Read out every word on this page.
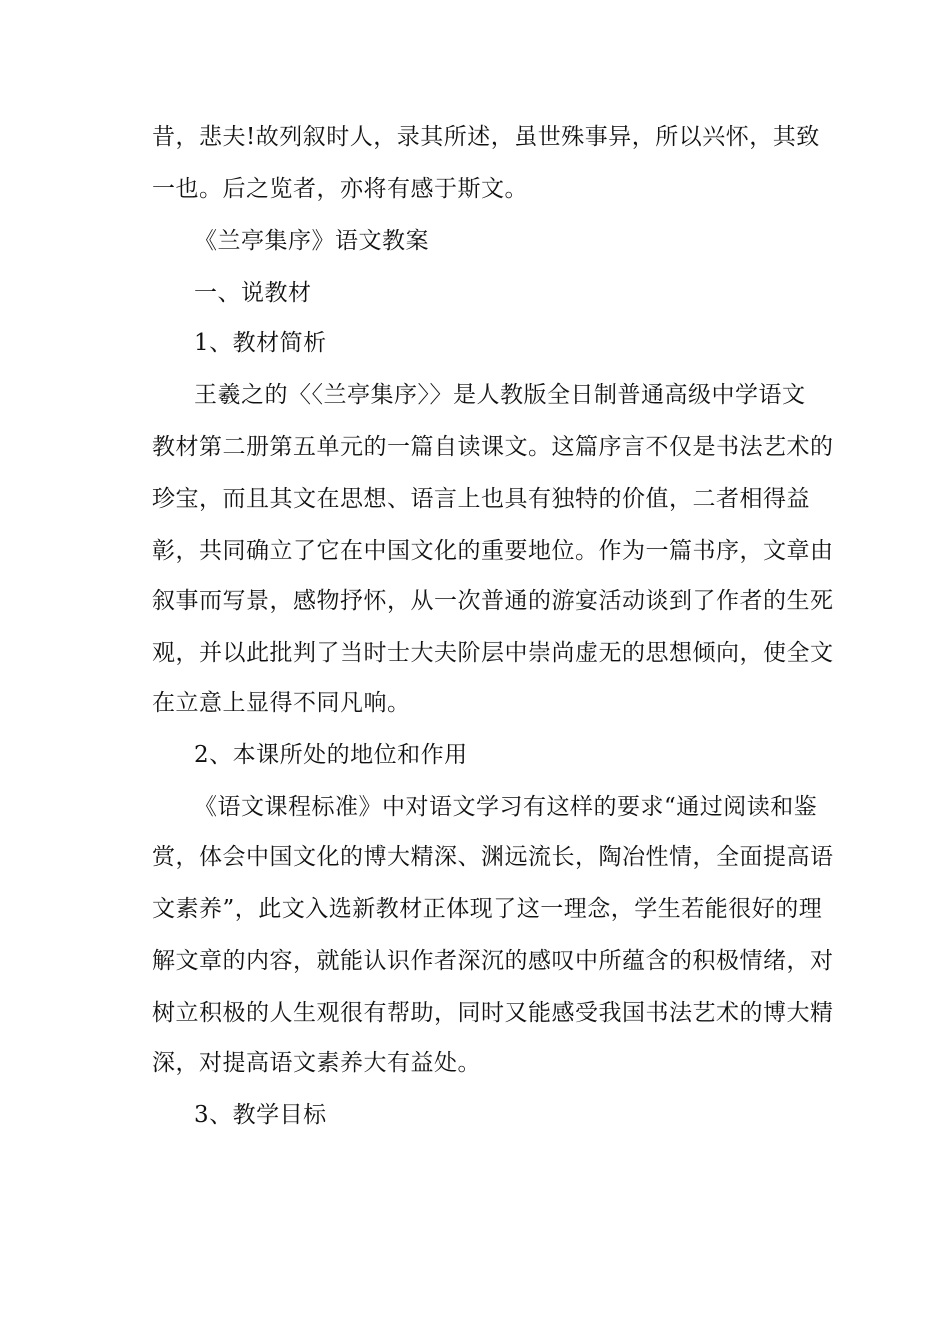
昔，悲夫!故列叙时人，录其所述，虽世殊事异，所以兴怀，其致
一也。后之览者，亦将有感于斯文。
《兰亭集序》语文教案
一、说教材
1、教材简析
王羲之的〈〈兰亭集序〉〉是人教版全日制普通高级中学语文
教材第二册第五单元的一篇自读课文。这篇序言不仅是书法艺术的
珍宝，而且其文在思想、语言上也具有独特的价值，二者相得益
彰，共同确立了它在中国文化的重要地位。作为一篇书序，文章由
叙事而写景，感物抒怀，从一次普通的游宴活动谈到了作者的生死
观，并以此批判了当时士大夫阶层中崇尚虚无的思想倾向，使全文
在立意上显得不同凡响。
2、本课所处的地位和作用
《语文课程标准》中对语文学习有这样的要求“通过阅读和鉴
赏，体会中国文化的博大精深、渊远流长，陶冶性情，全面提高语
文素养”，此文入选新教材正体现了这一理念，学生若能很好的理
解文章的内容，就能认识作者深沉的感叹中所蕴含的积极情绪，对
树立积极的人生观很有帮助，同时又能感受我国书法艺术的博大精
深，对提高语文素养大有益处。
3、教学目标
